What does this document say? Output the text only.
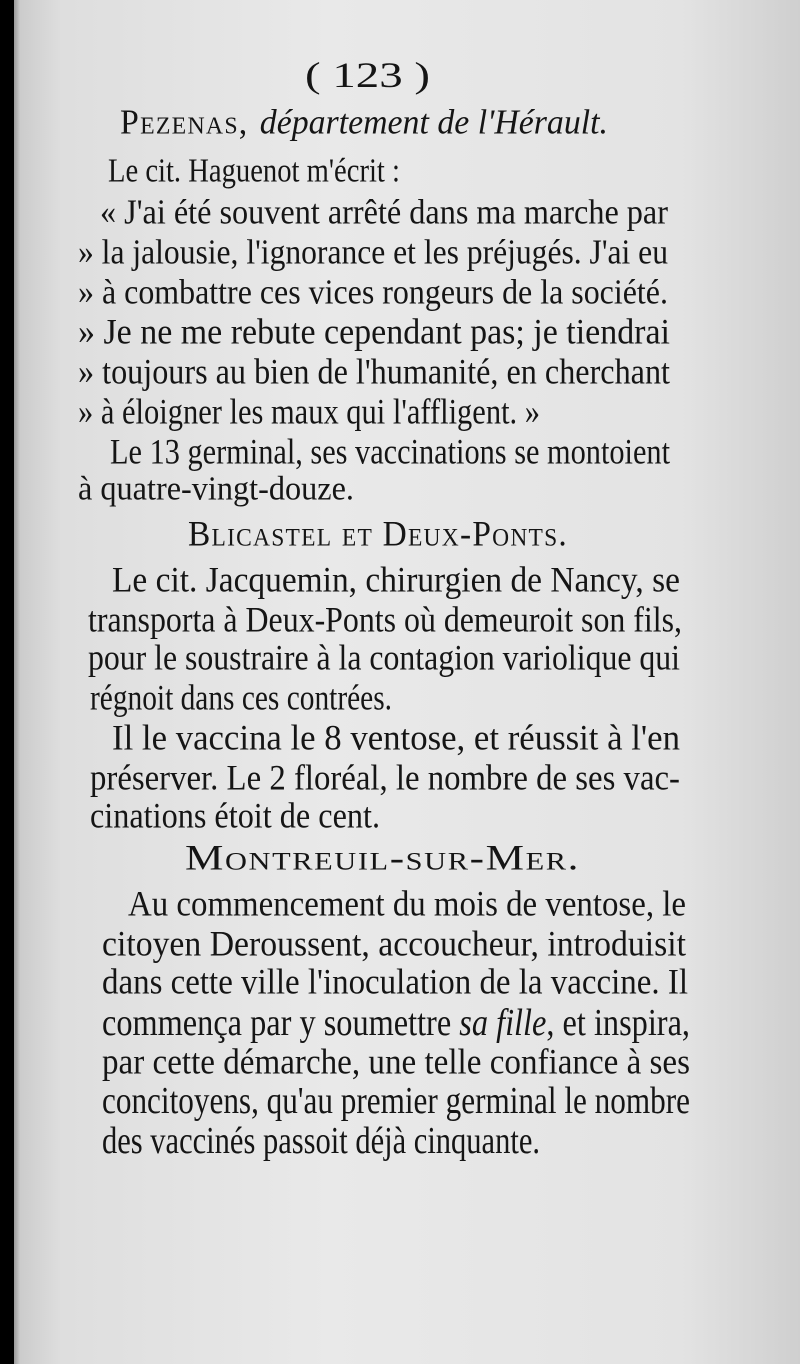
( 123 )
Pezenas, département de l'Hérault.
Le cit. Haguenot m'écrit :
« J'ai été souvent arrêté dans ma marche par
» la jalousie, l'ignorance et les préjugés. J'ai eu
» à combattre ces vices rongeurs de la société.
» Je ne me rebute cependant pas; je tiendrai
» toujours au bien de l'humanité, en cherchant
» à éloigner les maux qui l'affligent. »
Le 13 germinal, ses vaccinations se montoient
à quatre-vingt-douze.
Blicastel et Deux-Ponts.
Le cit. Jacquemin, chirurgien de Nancy, se
transporta à Deux-Ponts où demeuroit son fils,
pour le soustraire à la contagion variolique qui
régnoit dans ces contrées.
Il le vaccina le 8 ventose, et réussit à l'en
préserver. Le 2 floréal, le nombre de ses vac-
cinations étoit de cent.
Montreuil-sur-Mer.
Au commencement du mois de ventose, le
citoyen Deroussent, accoucheur, introduisit
dans cette ville l'inoculation de la vaccine. Il
commença par y soumettre sa fille, et inspira,
par cette démarche, une telle confiance à ses
concitoyens, qu'au premier germinal le nombre
des vaccinés passoit déjà cinquante.
